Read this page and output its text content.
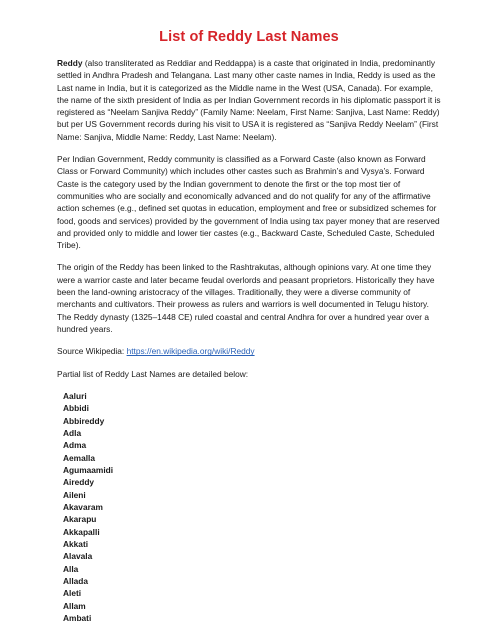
List of Reddy Last Names

Reddy (also transliterated as Reddiar and Reddappa) is a caste that originated in India, predominantly settled in Andhra Pradesh and Telangana. Last many other caste names in India, Reddy is used as the Last name in India, but it is categorized as the Middle name in the West (USA, Canada). For example, the name of the sixth president of India as per Indian Government records in his diplomatic passport it is registered as “Neelam Sanjiva Reddy” (Family Name: Neelam, First Name: Sanjiva, Last Name: Reddy) but per US Government records during his visit to USA it is registered as “Sanjiva Reddy Neelam” (First Name: Sanjiva, Middle Name: Reddy, Last Name: Neelam).

Per Indian Government, Reddy community is classified as a Forward Caste (also known as Forward Class or Forward Community) which includes other castes such as Brahmin’s and Vysya’s. Forward Caste is the category used by the Indian government to denote the first or the top most tier of communities who are socially and economically advanced and do not qualify for any of the affirmative action schemes (e.g., defined set quotas in education, employment and free or subsidized schemes for food, goods and services) provided by the government of India using tax payer money that are reserved and provided only to middle and lower tier castes (e.g., Backward Caste, Scheduled Caste, Scheduled Tribe).

The origin of the Reddy has been linked to the Rashtrakutas, although opinions vary. At one time they were a warrior caste and later became feudal overlords and peasant proprietors. Historically they have been the land-owning aristocracy of the villages. Traditionally, they were a diverse community of merchants and cultivators. Their prowess as rulers and warriors is well documented in Telugu history. The Reddy dynasty (1325–1448 CE) ruled coastal and central Andhra for over a hundred year over a hundred years.

Source Wikipedia: https://en.wikipedia.org/wiki/Reddy

Partial list of Reddy Last Names are detailed below:

Aaluri
Abbidi
Abbireddy
Adla
Adma
Aemalla
Agumaamidi
Aireddy
Aileni
Akavaram
Akarapu
Akkapalli
Akkati
Alavala
Alla
Allada
Aleti
Allam
Ambati
